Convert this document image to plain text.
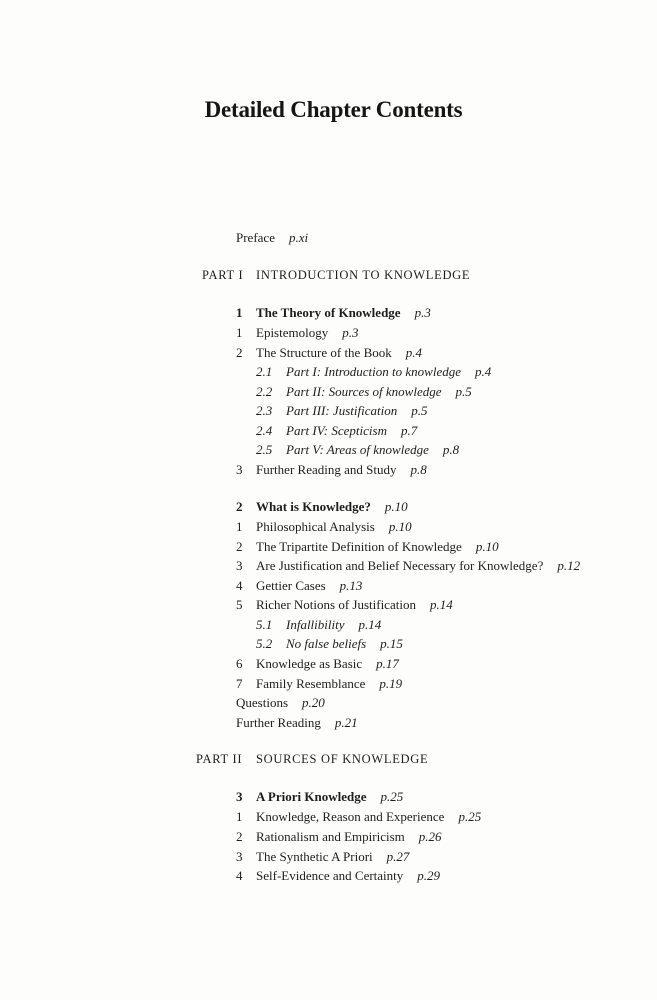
Detailed Chapter Contents
Preface p.xi
PART I INTRODUCTION TO KNOWLEDGE
1 The Theory of Knowledge p.3
1 Epistemology p.3
2 The Structure of the Book p.4
2.1 Part I: Introduction to knowledge p.4
2.2 Part II: Sources of knowledge p.5
2.3 Part III: Justification p.5
2.4 Part IV: Scepticism p.7
2.5 Part V: Areas of knowledge p.8
3 Further Reading and Study p.8
2 What is Knowledge? p.10
1 Philosophical Analysis p.10
2 The Tripartite Definition of Knowledge p.10
3 Are Justification and Belief Necessary for Knowledge? p.12
4 Gettier Cases p.13
5 Richer Notions of Justification p.14
5.1 Infallibility p.14
5.2 No false beliefs p.15
6 Knowledge as Basic p.17
7 Family Resemblance p.19
Questions p.20
Further Reading p.21
PART II SOURCES OF KNOWLEDGE
3 A Priori Knowledge p.25
1 Knowledge, Reason and Experience p.25
2 Rationalism and Empiricism p.26
3 The Synthetic A Priori p.27
4 Self-Evidence and Certainty p.29
